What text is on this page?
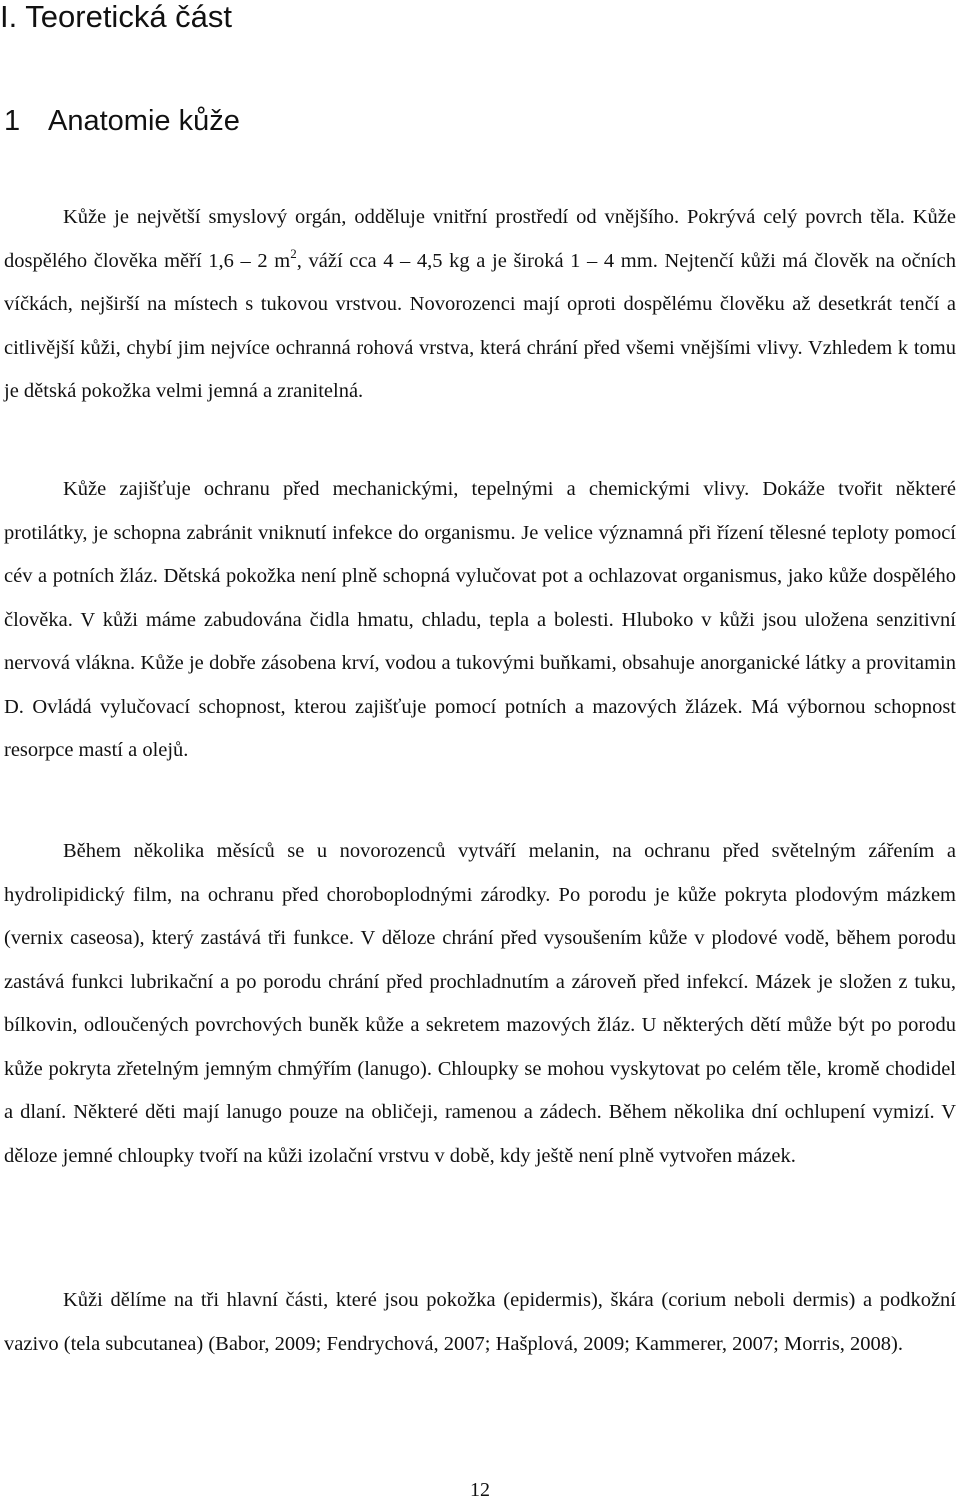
I. Teoretická část
1 Anatomie kůže

Kůže je největší smyslový orgán, odděluje vnitřní prostředí od vnějšího. Pokrývá celý povrch těla. Kůže dospělého člověka měří 1,6 – 2 $m^2$, váží cca 4 – 4,5 kg a je široká 1 – 4 mm. Nejtenčí kůži má člověk na očních víčkách, nejširší na místech s tukovou vrstvou. Novorozenci mají oproti dospělému člověku až desetkrát tenčí a citlivější kůži, chybí jim nejvíce ochranná rohová vrstva, která chrání před všemi vnějšími vlivy. Vzhledem k tomu je dětská pokožka velmi jemná a zranitelná.

Kůže zajišťuje ochranu před mechanickými, tepelnými a chemickými vlivy. Dokáže tvořit některé protilátky, je schopna zabránit vniknutí infekce do organismu. Je velice významná při řízení tělesné teploty pomocí cév a potních žláz. Dětská pokožka není plně schopná vylučovat pot a ochlazovat organismus, jako kůže dospělého člověka. V kůži máme zabudována čidla hmatu, chladu, tepla a bolesti. Hluboko v kůži jsou uložena senzitivní nervová vlákna. Kůže je dobře zásobena krví, vodou a tukovými buňkami, obsahuje anorganické látky a provitamin D. Ovládá vylučovací schopnost, kterou zajišťuje pomocí potních a mazových žlázek. Má výbornou schopnost resorpce mastí a olejů.

Během několika měsíců se u novorozenců vytváří melanin, na ochranu před světelným zářením a hydrolipidický film, na ochranu před choroboplodnými zárodky. Po porodu je kůže pokryta plodovým mázkem (vernix caseosa), který zastává tři funkce. V děloze chrání před vysoušením kůže v plodové vodě, během porodu zastává funkci lubrikační a po porodu chrání před prochladnutím a zároveň před infekcí. Mázek je složen z tuku, bílkovin, odloučených povrchových buněk kůže a sekretem mazových žláz. U některých dětí může být po porodu kůže pokryta zřetelným jemným chmýřím (lanugo). Chloupky se mohou vyskytovat po celém těle, kromě chodidel a dlaní. Některé děti mají lanugo pouze na obličeji, ramenou a zádech. Během několika dní ochlupení vymizí. V děloze jemné chloupky tvoří na kůži izolační vrstvu v době, kdy ještě není plně vytvořen mázek.

Kůži dělíme na tři hlavní části, které jsou pokožka (epidermis), škára (corium neboli dermis) a podkožní vazivo (tela subcutanea) (Babor, 2009; Fendrychová, 2007; Hašplová, 2009; Kammerer, 2007; Morris, 2008).

12
